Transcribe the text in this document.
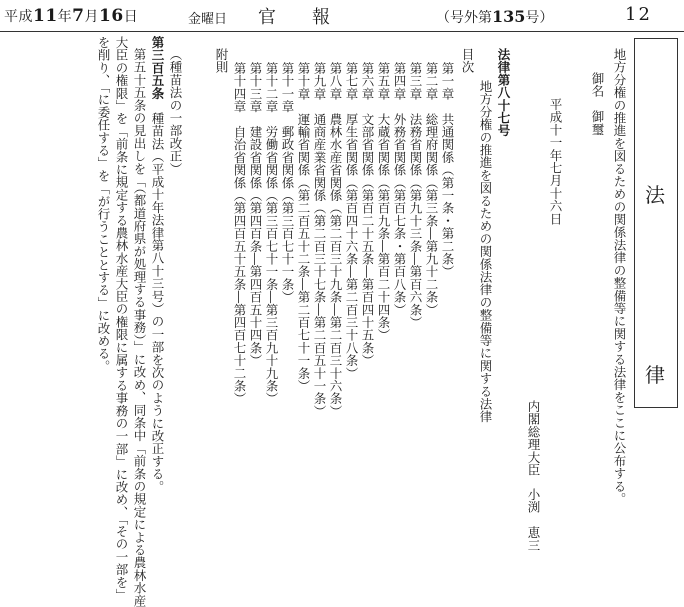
平成11年7月16日	金曜日 官報	（号外第135号）	12
法
律
地方分権の推進を図るための関係法律の整備等に関する法律をここに公布する。
御名　御璽
平成十一年七月十六日
内閣総理大臣
小渕　恵三
法律第八十七号
地方分権の推進を図るための関係法律の整備等に関する法律
目次
第一章　共通関係（第一条・第二条）
第二章　総理府関係（第三条―第九十二条）
第三章　法務省関係（第九十三条―第百六条）
第四章　外務省関係（第百七条・第百八条）
第五章　大蔵省関係（第百九条―第百二十四条）
第六章　文部省関係（第百二十五条―第百四十五条）
第七章　厚生省関係（第百四十六条―第二百三十八条）
第八章　農林水産省関係（第二百三十九条―第二百三十六条）
第九章　通商産業省関係（第二百三十七条―第二百五十一条）
第十章　運輸省関係（第二百五十二条―第二百七十一条）
第十一章　郵政省関係（第三百七十一条）
第十二章　労働省関係（第三百七十一条―第三百九十九条）
第十三章　建設省関係（第四百条―第四百五十四条）
第十四章　自治省関係（第四百五十五条―第四百七十二条）
附則
（種苗法の一部改正）
第三百五条
種苗法（平成十年法律第八十三号）の一部を次のように改正する。
第五十五条の見出しを「（都道府県が処理する事務）」に改め、同条中「前条の規定による農林水産
大臣の権限」を「前条に規定する農林水産大臣の権限に属する事務の一部」に改め、「その一部を」
を削り、「に委任する」を「が行うこととする」に改める。
